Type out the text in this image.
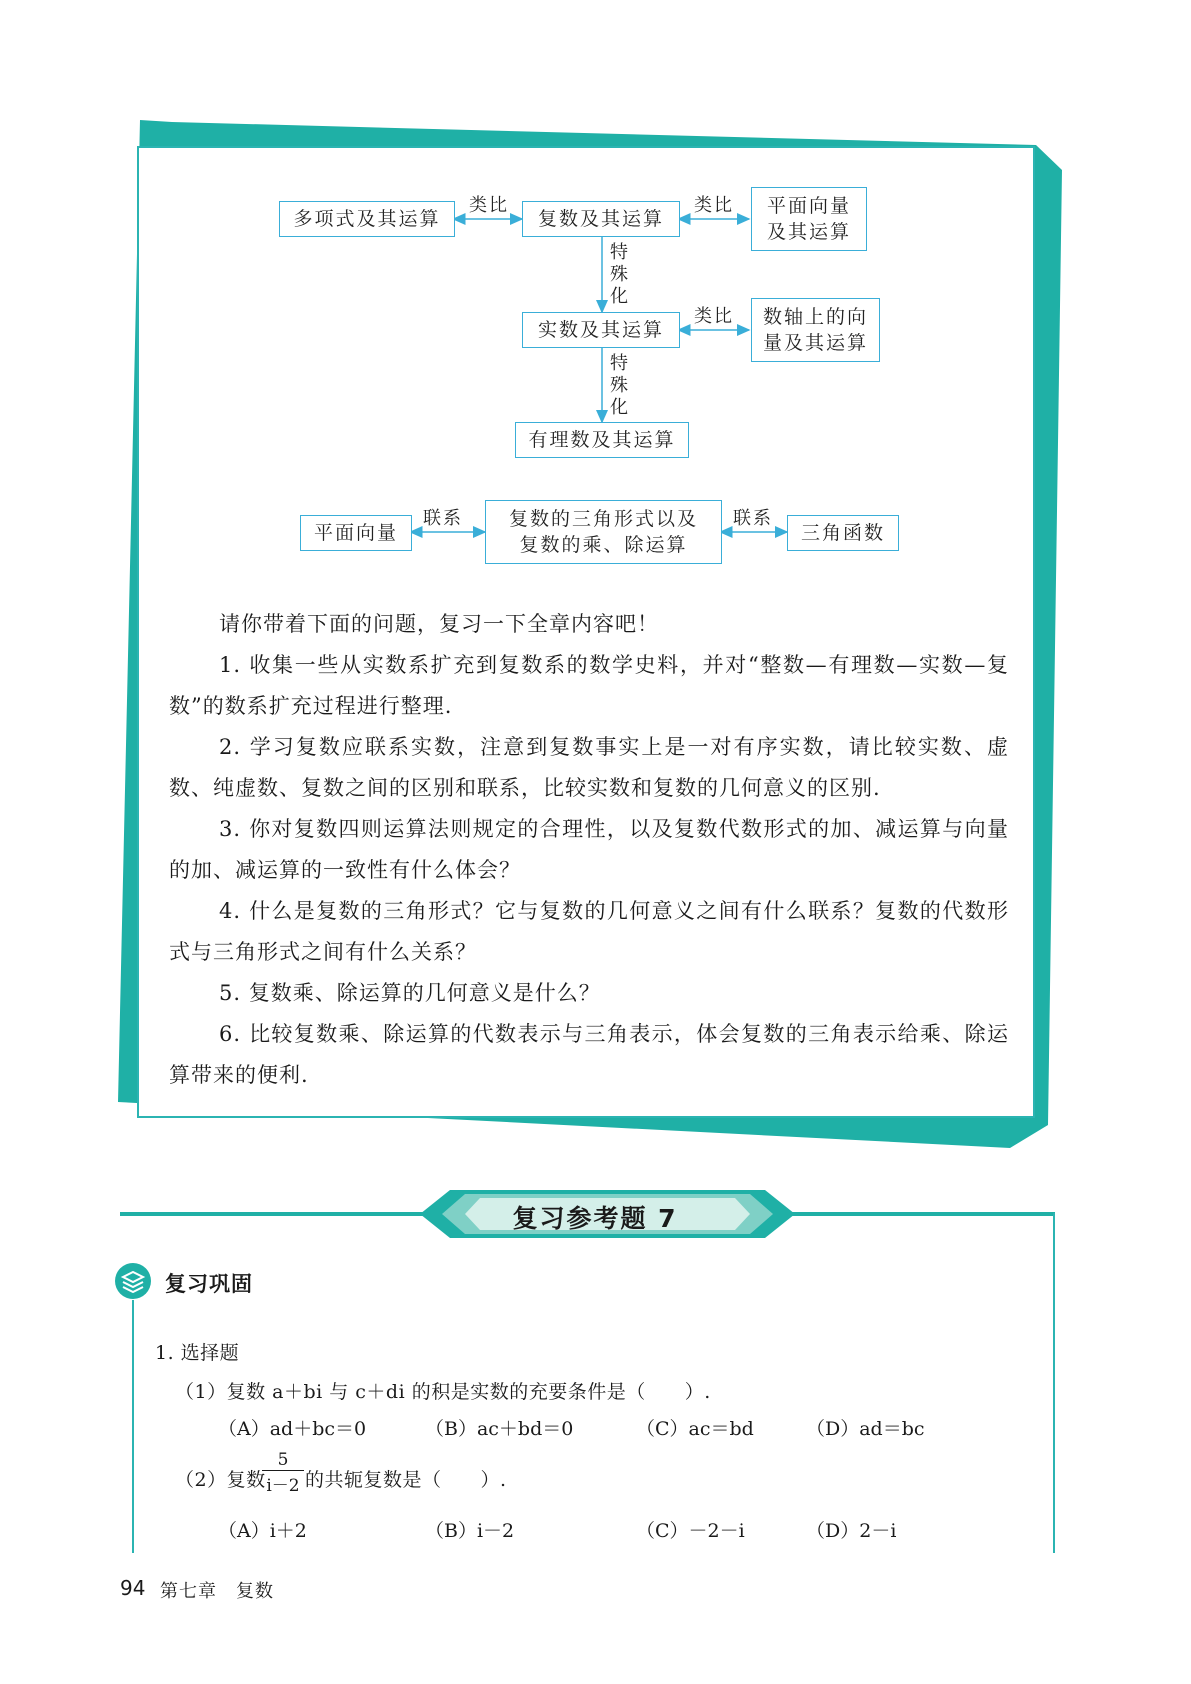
多项式及其运算
类比
复数及其运算
类比 平面向量
及其运算
特
殊
化
实数及其运算
类比 数轴上的向
量及其运算
特
殊
化
有理数及其运算
平面向量
联系 复数的三角形式以及
复数的乘、除运算
联系
三角函数

请你带着下面的问题，复习一下全章内容吧！

1. 收集一些从实数系扩充到复数系的数学史料，并对“整数—有理数—实数—复数”的数系扩充过程进行整理.

2. 学习复数应联系实数，注意到复数事实上是一对有序实数，请比较实数、虚数、纯虚数、复数之间的区别和联系，比较实数和复数的几何意义的区别.

3. 你对复数四则运算法则规定的合理性，以及复数代数形式的加、减运算与向量的加、减运算的一致性有什么体会？

4. 什么是复数的三角形式？它与复数的几何意义之间有什么联系？复数的代数形式与三角形式之间有什么关系？

5. 复数乘、除运算的几何意义是什么？

6. 比较复数乘、除运算的代数表示与三角表示，体会复数的三角表示给乘、除运算带来的便利.

复习参考题 7
复习巩固
1. 选择题
（1）复数 a＋bi 与 c＋di 的积是实数的充要条件是（　　）.
（A）ad＋bc＝0	（B）ac＋bd＝0	（C）ac＝bd	（D）ad＝bc
（2）复数
$\frac{5}{i-2}$ 的共轭复数是（　　）.
（A）i＋2	（B）i－2	（C）－2－i	（D）2－i
94 第七章　复数
